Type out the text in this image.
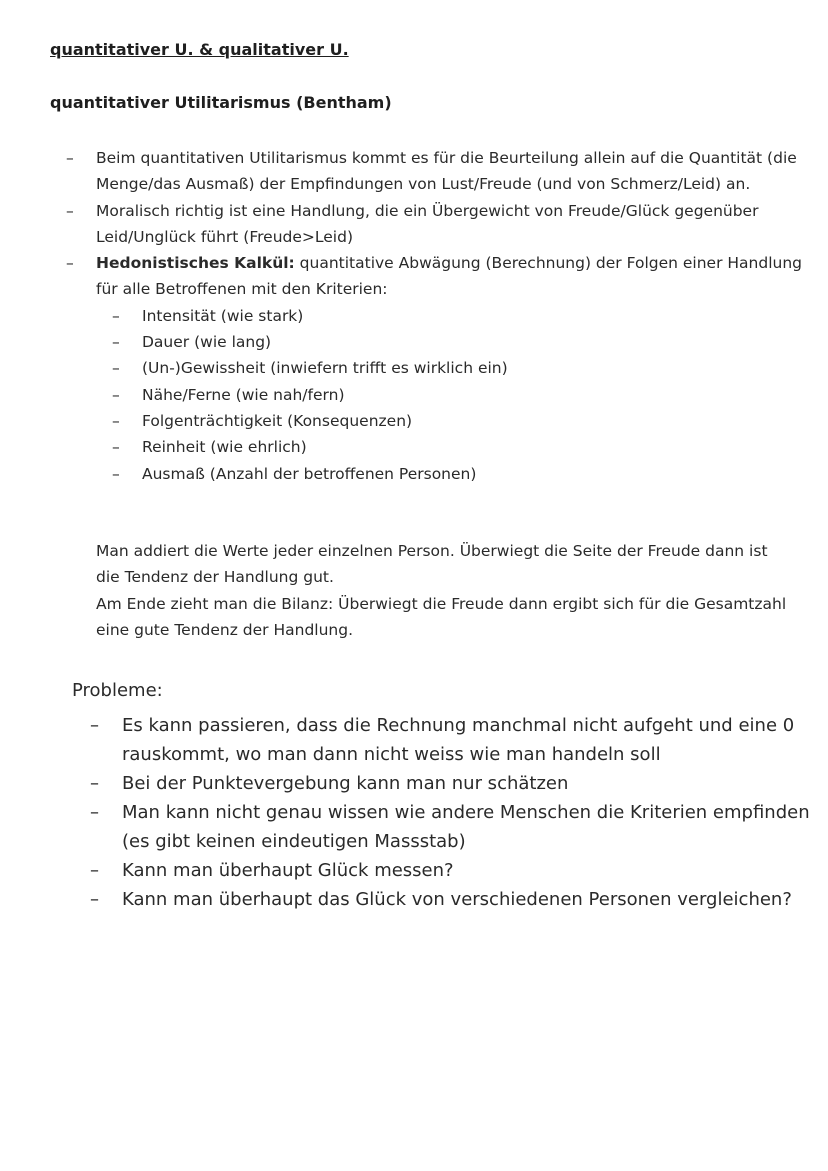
quantitativer U. & qualitativer U.
quantitativer Utilitarismus (Bentham)
–	Beim quantitativen Utilitarismus kommt es für die Beurteilung allein auf die Quantität (die Menge/das Ausmaß) der Empfindungen von Lust/Freude (und von Schmerz/Leid) an.
–	Moralisch richtig ist eine Handlung, die ein Übergewicht von Freude/Glück gegenüber Leid/Unglück führt (Freude>Leid)
–	Hedonistisches Kalkül: quantitative Abwägung (Berechnung) der Folgen einer Handlung für alle Betroffenen mit den Kriterien:
–	Intensität (wie stark)
–	Dauer (wie lang)
–	(Un-)Gewissheit (inwiefern trifft es wirklich ein)
–	Nähe/Ferne (wie nah/fern)
–	Folgenträchtigkeit (Konsequenzen)
–	Reinheit (wie ehrlich)
–	Ausmaß (Anzahl der betroffenen Personen)

Man addiert die Werte jeder einzelnen Person. Überwiegt die Seite der Freude dann ist die Tendenz der Handlung gut.

Am Ende zieht man die Bilanz: Überwiegt die Freude dann ergibt sich für die Gesamtzahl eine gute Tendenz der Handlung.

Probleme:

–	Es kann passieren, dass die Rechnung manchmal nicht aufgeht und eine 0 rauskommt, wo man dann nicht weiss wie man handeln soll
–	Bei der Punktevergebung kann man nur schätzen
–	Man kann nicht genau wissen wie andere Menschen die Kriterien empfinden (es gibt keinen eindeutigen Massstab)
–	Kann man überhaupt Glück messen?
–	Kann man überhaupt das Glück von verschiedenen Personen vergleichen?
